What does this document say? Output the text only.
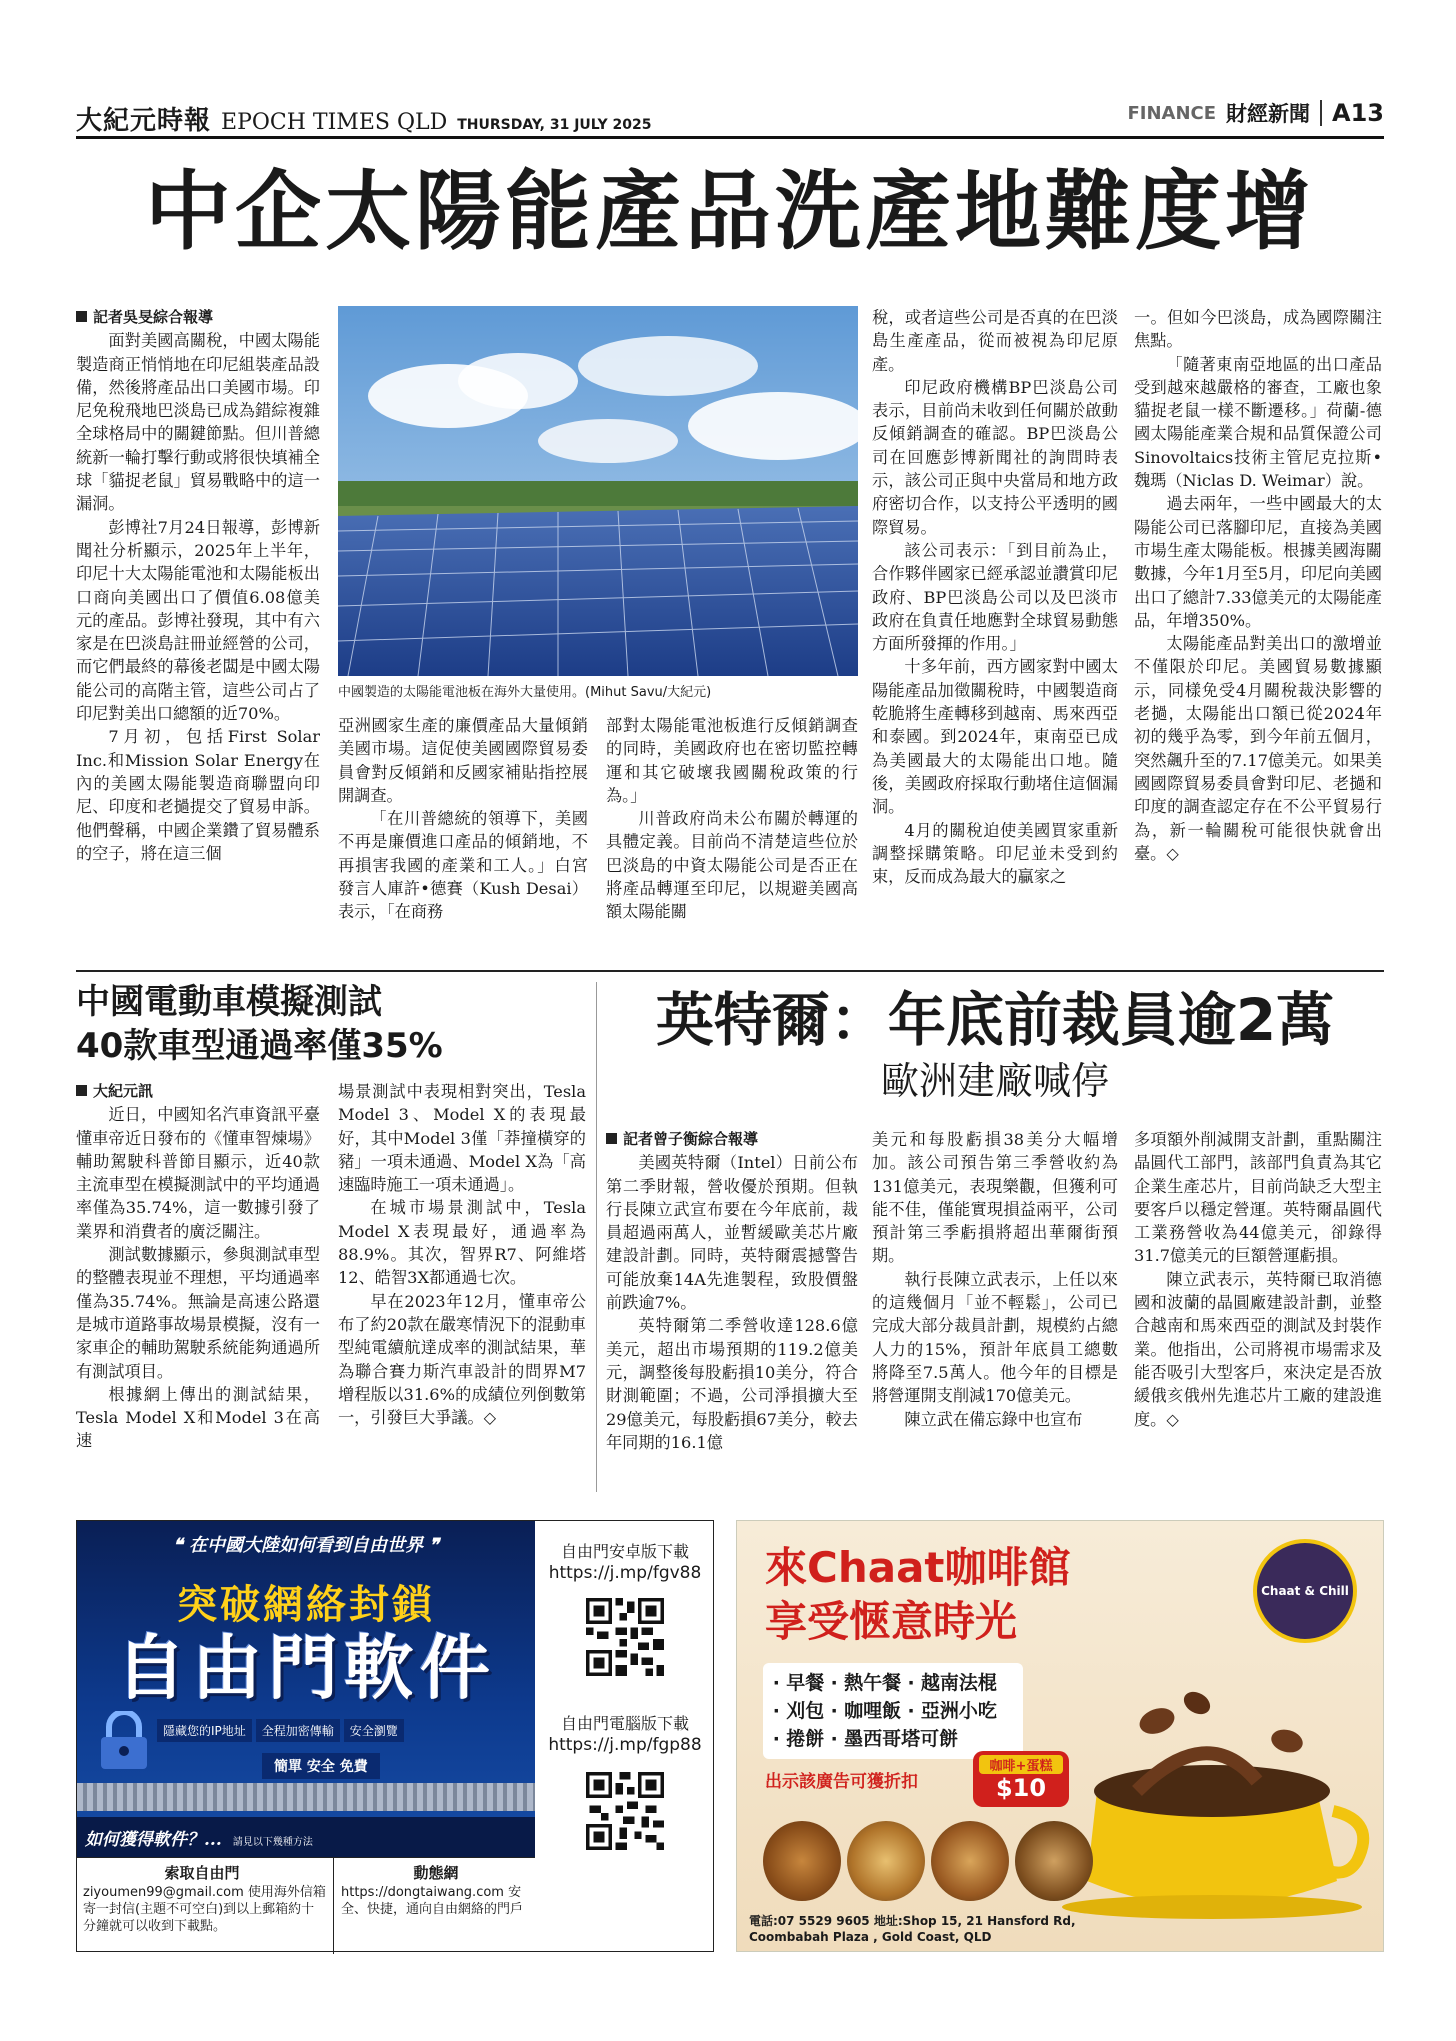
大紀元時報 EPOCH TIMES QLD THURSDAY, 31 JULY 2025
FINANCE 財經新聞 A13
中企太陽能產品洗產地難度增

記者吳旻綜合報導

面對美國高關稅，中國太陽能製造商正悄悄地在印尼組裝產品設備，然後將產品出口美國市場。印尼免稅飛地巴淡島已成為錯綜複雜全球格局中的關鍵節點。但川普總統新一輪打擊行動或將很快填補全球「貓捉老鼠」貿易戰略中的這一漏洞。

彭博社7月24日報導，彭博新聞社分析顯示，2025年上半年，印尼十大太陽能電池和太陽能板出口商向美國出口了價值6.08億美元的產品。彭博社發現，其中有六家是在巴淡島註冊並經營的公司，而它們最終的幕後老闆是中國太陽能公司的高階主管，這些公司占了印尼對美出口總額的近70%。

7月初，包括First Solar Inc.和Mission Solar Energy在內的美國太陽能製造商聯盟向印尼、印度和老撾提交了貿易申訴。他們聲稱，中國企業鑽了貿易體系的空子，將在這三個

中國製造的太陽能電池板在海外大量使用。(Mihut Savu/大紀元)

亞洲國家生產的廉價產品大量傾銷美國市場。這促使美國國際貿易委員會對反傾銷和反國家補貼指控展開調查。

「在川普總統的領導下，美國不再是廉價進口產品的傾銷地，不再損害我國的產業和工人。」白宮發言人庫許•德賽（Kush Desai）表示，「在商務

部對太陽能電池板進行反傾銷調查的同時，美國政府也在密切監控轉運和其它破壞我國關稅政策的行為。」

川普政府尚未公布關於轉運的具體定義。目前尚不清楚這些位於巴淡島的中資太陽能公司是否正在將產品轉運至印尼，以規避美國高額太陽能關

稅，或者這些公司是否真的在巴淡島生產產品，從而被視為印尼原產。

印尼政府機構BP巴淡島公司表示，目前尚未收到任何關於啟動反傾銷調查的確認。BP巴淡島公司在回應彭博新聞社的詢問時表示，該公司正與中央當局和地方政府密切合作，以支持公平透明的國際貿易。

該公司表示：「到目前為止，合作夥伴國家已經承認並讚賞印尼政府、BP巴淡島公司以及巴淡市政府在負責任地應對全球貿易動態方面所發揮的作用。」

十多年前，西方國家對中國太陽能產品加徵關稅時，中國製造商乾脆將生產轉移到越南、馬來西亞和泰國。到2024年，東南亞已成為美國最大的太陽能出口地。隨後，美國政府採取行動堵住這個漏洞。

4月的關稅迫使美國買家重新調整採購策略。印尼並未受到約束，反而成為最大的贏家之

一。但如今巴淡島，成為國際關注焦點。

「隨著東南亞地區的出口產品受到越來越嚴格的審查，工廠也象貓捉老鼠一樣不斷遷移。」荷蘭-德國太陽能產業合規和品質保證公司Sinovoltaics技術主管尼克拉斯•魏瑪（Niclas D. Weimar）說。

過去兩年，一些中國最大的太陽能公司已落腳印尼，直接為美國市場生產太陽能板。根據美國海關數據，今年1月至5月，印尼向美國出口了總計7.33億美元的太陽能產品，年增350%。

太陽能產品對美出口的激增並不僅限於印尼。美國貿易數據顯示，同樣免受4月關稅裁決影響的老撾，太陽能出口額已從2024年初的幾乎為零，到今年前五個月，突然飆升至的7.17億美元。如果美國國際貿易委員會對印尼、老撾和印度的調查認定存在不公平貿易行為，新一輪關稅可能很快就會出臺。◇

中國電動車模擬測試
40款車型通過率僅35%

大紀元訊

近日，中國知名汽車資訊平臺懂車帝近日發布的《懂車智煉場》輔助駕駛科普節目顯示，近40款主流車型在模擬測試中的平均通過率僅為35.74%，這一數據引發了業界和消費者的廣泛關注。

測試數據顯示，參與測試車型的整體表現並不理想，平均通過率僅為35.74%。無論是高速公路還是城市道路事故場景模擬，沒有一家車企的輔助駕駛系統能夠通過所有測試項目。

根據網上傳出的測試結果，Tesla Model X和Model 3在高速

場景測試中表現相對突出，Tesla Model 3、Model X的表現最好，其中Model 3僅「莽撞橫穿的豬」一項未通過、Model X為「高速臨時施工一項未通過」。

在城市場景測試中，Tesla Model X表現最好，通過率為88.9%。其次，智界R7、阿維塔12、皓智3X都通過七次。

早在2023年12月，懂車帝公布了約20款在嚴寒情況下的混動車型純電續航達成率的測試結果，華為聯合賽力斯汽車設計的問界M7增程版以31.6%的成績位列倒數第一，引發巨大爭議。◇

英特爾：年底前裁員逾2萬
歐洲建廠喊停

記者曾子衡綜合報導

美國英特爾（Intel）日前公布第二季財報，營收優於預期。但執行長陳立武宣布要在今年底前，裁員超過兩萬人，並暫緩歐美芯片廠建設計劃。同時，英特爾震撼警告可能放棄14A先進製程，致股價盤前跌逾7%。

英特爾第二季營收達128.6億美元，超出市場預期的119.2億美元，調整後每股虧損10美分，符合財測範圍；不過，公司淨損擴大至29億美元，每股虧損67美分，較去年同期的16.1億

美元和每股虧損38美分大幅增加。該公司預告第三季營收約為131億美元，表現樂觀，但獲利可能不佳，僅能實現損益兩平，公司預計第三季虧損將超出華爾街預期。

執行長陳立武表示，上任以來的這幾個月「並不輕鬆」，公司已完成大部分裁員計劃，規模約占總人力的15%，預計年底員工總數將降至7.5萬人。他今年的目標是將營運開支削減170億美元。

陳立武在備忘錄中也宣布

多項額外削減開支計劃，重點關注晶圓代工部門，該部門負責為其它企業生產芯片，目前尚缺乏大型主要客戶以穩定營運。英特爾晶圓代工業務營收為44億美元，卻錄得31.7億美元的巨額營運虧損。

陳立武表示，英特爾已取消德國和波蘭的晶圓廠建設計劃，並整合越南和馬來西亞的測試及封裝作業。他指出，公司將視市場需求及能否吸引大型客戶，來決定是否放緩俄亥俄州先進芯片工廠的建設進度。◇

❝ 在中國大陸如何看到自由世界 ❞
突破網絡封鎖
自由門軟件
隱藏您的IP地址	全程加密傳輸	安全瀏覽
簡單 安全 免費
如何獲得軟件？... 請見以下幾種方法
自由門安卓版下載
https://j.mp/fgv88
自由門電腦版下載
https://j.mp/fgp88
索取自由門
ziyoumen99@gmail.com 使用海外信箱寄一封信(主題不可空白)到以上郵箱約十分鐘就可以收到下載點。
動態網
https://dongtaiwang.com 安全、快捷，通向自由網絡的門戶
來Chaat咖啡館
享受愜意時光
Chaat & Chill
‧ 早餐 ‧ 熱午餐 ‧ 越南法棍
‧ 刈包 ‧ 咖哩飯 ‧ 亞洲小吃
‧ 捲餅 ‧ 墨西哥塔可餅
出示該廣告可獲折扣
咖啡+蛋糕
$10
電話:07 5529 9605 地址:Shop 15, 21 Hansford Rd, Coombabah Plaza , Gold Coast, QLD
